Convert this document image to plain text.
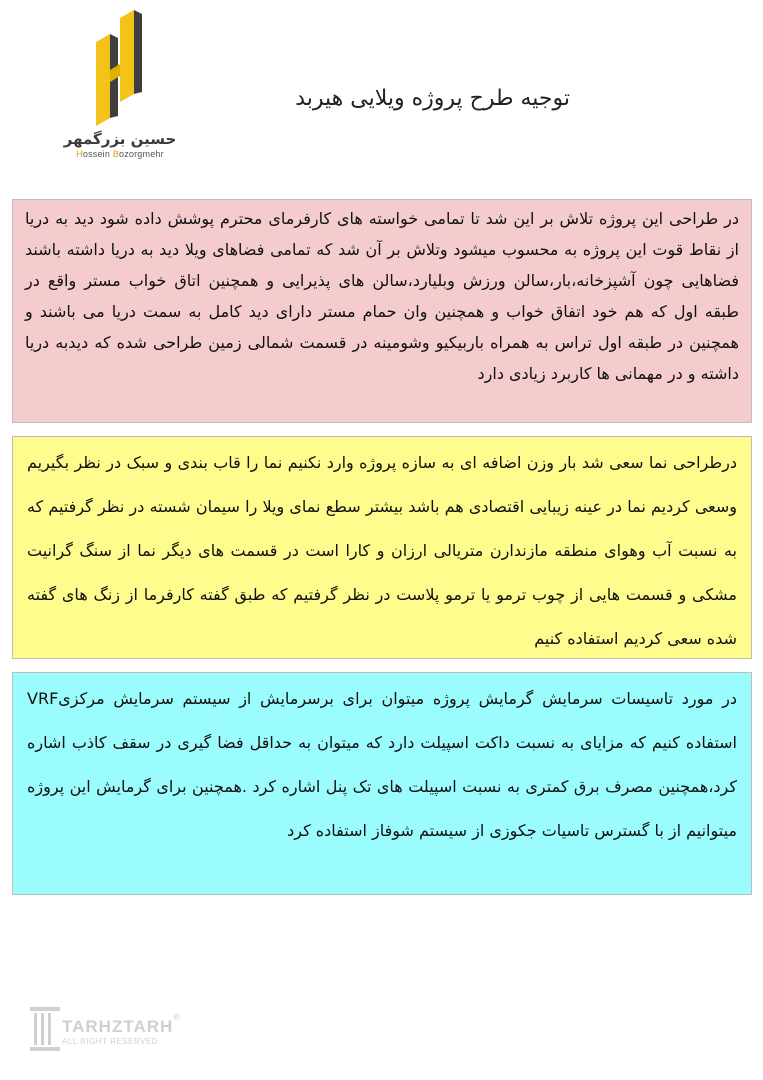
حسین بزرگمهر
Hossein Bozorgmehr
توجیه طرح پروژه ویلایی هیربد

در طراحی این پروژه تلاش بر این شد تا تمامی خواسته های کارفرمای محترم پوشش داده شود دید به دریا از نقاط قوت این پروژه به محسوب میشود وتلاش بر آن شد که تمامی فضاهای ویلا دید به دریا داشته باشند فضاهایی چون آشپزخانه،بار،سالن ورزش وبلیارد،سالن های پذیرایی و همچنین اتاق خواب مستر واقع در طبقه اول که هم خود اتفاق خواب و همچنین وان حمام مستر دارای دید کامل به سمت دریا می باشند و همچنین در طبقه اول تراس به همراه باربیکیو وشومینه در قسمت شمالی زمین طراحی شده که دیدبه دریا داشته و در مهمانی ها کاربرد زیادی دارد

درطراحی نما سعی شد بار وزن اضافه ای به سازه پروژه وارد نکنیم نما را قاب بندی و سبک در نظر بگیریم وسعی کردیم نما در عینه زیبایی اقتصادی هم باشد بیشتر سطع نمای ویلا را سیمان شسته در نظر گرفتیم که به نسبت آب وهوای منطقه مازندارن متریالی ارزان و کارا است در قسمت های دیگر نما از سنگ گرانیت مشکی و قسمت هایی از چوب ترمو یا ترمو پلاست در نظر گرفتیم که طبق گفته کارفرما از زنگ های گفته شده سعی کردیم استفاده کنیم

در مورد تاسیسات سرمایش گرمایش پروژه میتوان برای برسرمایش از سیستم سرمایش مرکزیVRF استفاده کنیم که مزایای به نسبت داکت اسپیلت دارد که میتوان به حداقل فضا گیری در سقف کاذب اشاره کرد،همچنین مصرف برق کمتری به نسبت اسپیلت های تک پنل اشاره کرد .همچنین برای گرمایش این پروژه میتوانیم از با گسترس تاسیات جکوزی از سیستم شوفاز استفاده کرد

TARHZTARH
ALL RIGHT RESERVED
®
